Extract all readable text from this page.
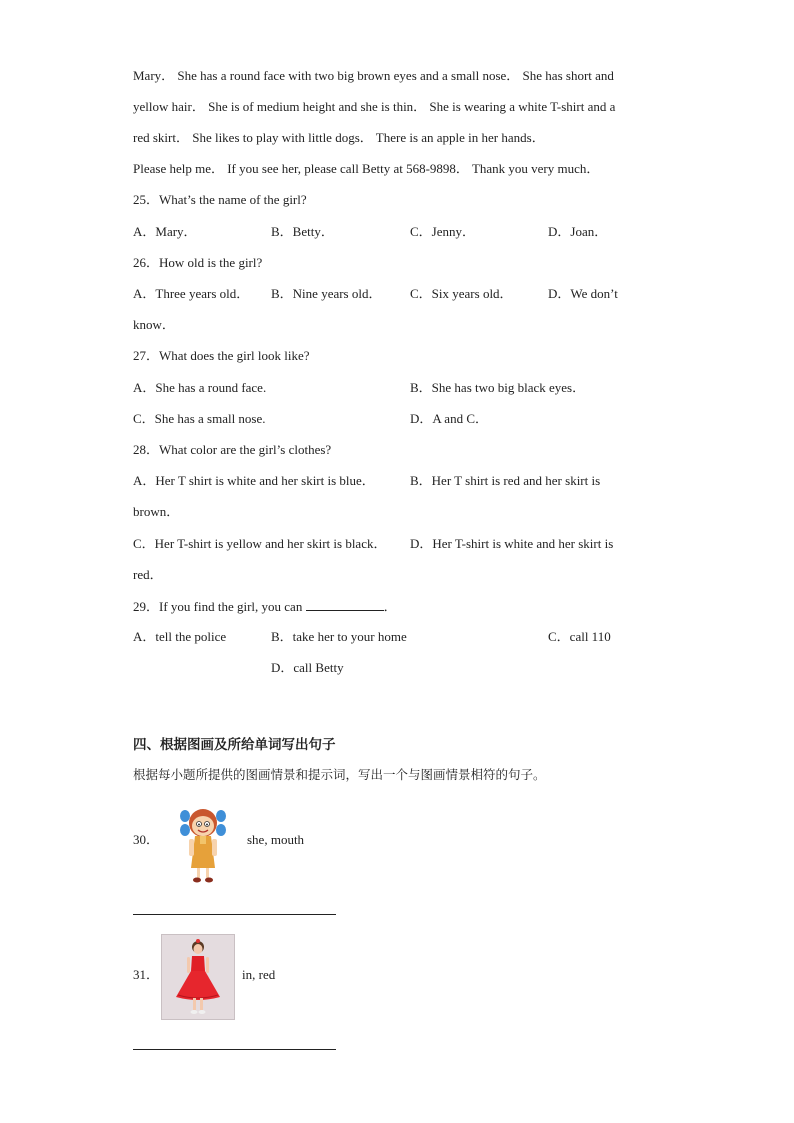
Mary． She has a round face with two big brown eyes and a small nose． She has short and
yellow hair． She is of medium height and she is thin． She is wearing a white T-shirt and a
red skirt． She likes to play with little dogs． There is an apple in her hands．
Please help me． If you see her, please call Betty at 568-9898． Thank you very much．
25．What’s the name of the girl?
A．Mary．	B．Betty．	C．Jenny．	D．Joan．
26．How old is the girl?
A．Three years old． B．Nine years old． C．Six years old．	D．We don’t
know．
27．What does the girl look like?
A．She has a round face.	B．She has two big black eyes．
C．She has a small nose.	D．A and C．
28．What color are the girl’s clothes?
A．Her T shirt is white and her skirt is blue．	B．Her T shirt is red and her skirt is
brown．
C．Her T-shirt is yellow and her skirt is black． D．Her T-shirt is white and her skirt is
red．
29．If you find the girl, you can	．
A．tell the police	B．take her to your home	C．call 110
D．call Betty
四、根据图画及所给单词写出句子
根据每小题所提供的图画情景和提示词，写出一个与图画情景相符的句子。
30．	she, mouth
31．	in, red
